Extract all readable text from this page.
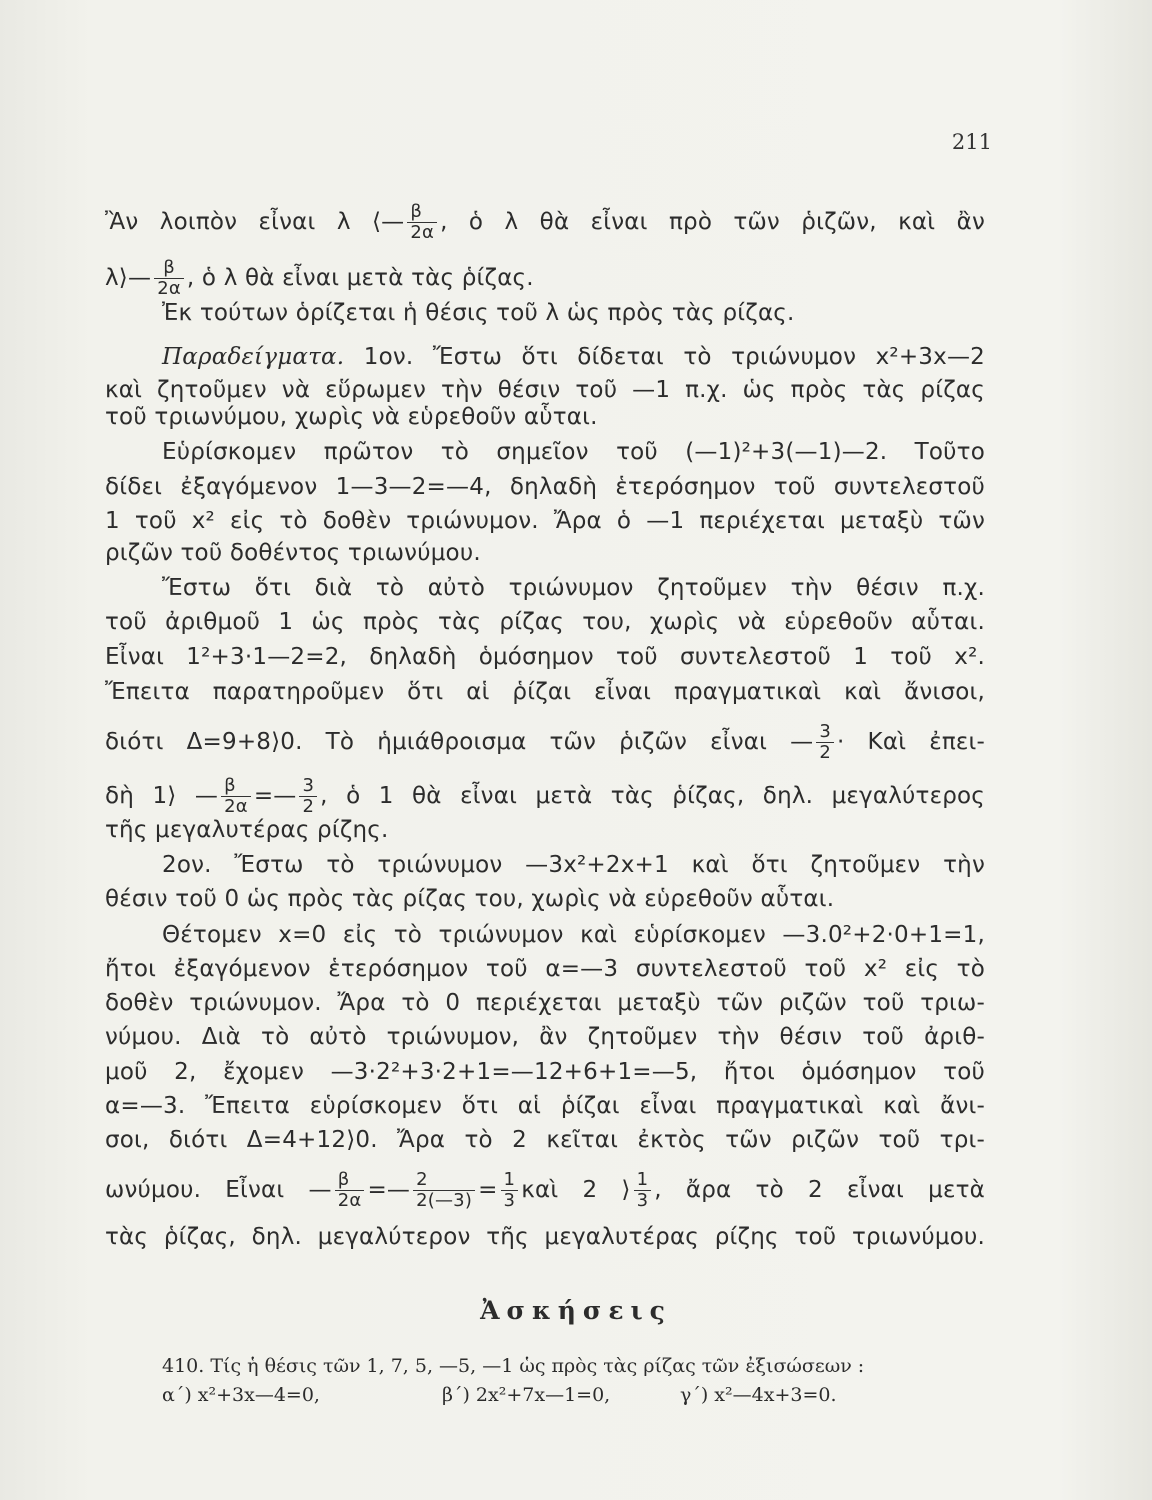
211
Ἂν λοιπὸν εἶναι λ ⟨— $\frac{\beta}{2\alpha}$ , ὁ λ θὰ εἶναι πρὸ τῶν ῥιζῶν, καὶ ἂν
λ⟩— $\frac{\beta}{2\alpha}$ , ὁ λ θὰ εἶναι μετὰ τὰς ῥίζας.
Ἐκ τούτων ὁρίζεται ἡ θέσις τοῦ λ ὡς πρὸς τὰς ρίζας.
Παραδείγματα. 1ον. Ἔστω ὅτι δίδεται τὸ τριώνυμον x²+3x—2
καὶ ζητοῦμεν νὰ εὕρωμεν τὴν θέσιν τοῦ —1 π.χ. ὡς πρὸς τὰς ρίζας
τοῦ τριωνύμου, χωρὶς νὰ εὑρεθοῦν αὗται.
Εὑρίσκομεν πρῶτον τὸ σημεῖον τοῦ (—1)²+3(—1)—2. Τοῦτο
δίδει ἐξαγόμενον 1—3—2=—4, δηλαδὴ ἑτερόσημον τοῦ συντελεστοῦ
1 τοῦ x² εἰς τὸ δοθὲν τριώνυμον. Ἄρα ὁ —1 περιέχεται μεταξὺ τῶν
ριζῶν τοῦ δοθέντος τριωνύμου.
Ἔστω ὅτι διὰ τὸ αὐτὸ τριώνυμον ζητοῦμεν τὴν θέσιν π.χ.
τοῦ ἀριθμοῦ 1 ὡς πρὸς τὰς ρίζας του, χωρὶς νὰ εὑρεθοῦν αὗται.
Εἶναι 1²+3·1—2=2, δηλαδὴ ὁμόσημον τοῦ συντελεστοῦ 1 τοῦ x².
Ἔπειτα παρατηροῦμεν ὅτι αἱ ῥίζαι εἶναι πραγματικαὶ καὶ ἄνισοι,
διότι Δ=9+8⟩0. Τὸ ἡμιάθροισμα τῶν ῥιζῶν εἶναι — $\frac{3}{2}$ · Καὶ ἐπει-
δὴ 1⟩ — $\frac{\beta}{2\alpha}$ =— $\frac{3}{2}$ , ὁ 1 θὰ εἶναι μετὰ τὰς ῥίζας, δηλ. μεγαλύτερος
τῆς μεγαλυτέρας ρίζης.
2ον. Ἔστω τὸ τριώνυμον —3x²+2x+1 καὶ ὅτι ζητοῦμεν τὴν
θέσιν τοῦ 0 ὡς πρὸς τὰς ρίζας του, χωρὶς νὰ εὑρεθοῦν αὗται.
Θέτομεν x=0 εἰς τὸ τριώνυμον καὶ εὑρίσκομεν —3.0²+2·0+1=1,
ἤτοι ἐξαγόμενον ἑτερόσημον τοῦ α=—3 συντελεστοῦ τοῦ x² εἰς τὸ
δοθὲν τριώνυμον. Ἄρα τὸ 0 περιέχεται μεταξὺ τῶν ριζῶν τοῦ τριω-
νύμου. Διὰ τὸ αὐτὸ τριώνυμον, ἂν ζητοῦμεν τὴν θέσιν τοῦ ἀριθ-
μοῦ 2, ἔχομεν —3·2²+3·2+1=—12+6+1=—5, ἤτοι ὁμόσημον τοῦ
α=—3. Ἔπειτα εὑρίσκομεν ὅτι αἱ ῥίζαι εἶναι πραγματικαὶ καὶ ἄνι-
σοι, διότι Δ=4+12⟩0. Ἄρα τὸ 2 κεῖται ἐκτὸς τῶν ριζῶν τοῦ τρι-
ωνύμου. Εἶναι — $\frac{\beta}{2\alpha}$ =— $\frac{2}{2(—3)} = \frac{1}{3}$ καὶ 2 ⟩ $\frac{1}{3}$ , ἄρα τὸ 2 εἶναι μετὰ
τὰς ῥίζας, δηλ. μεγαλύτερον τῆς μεγαλυτέρας ρίζης τοῦ τριωνύμου.
Ἀσκήσεις
410. Τίς ἡ θέσις τῶν 1, 7, 5, —5, —1 ὡς πρὸς τὰς ρίζας τῶν ἐξισώσεων :
α΄) x²+3x—4=0,	β΄) 2x²+7x—1=0,	γ΄) x²—4x+3=0.
